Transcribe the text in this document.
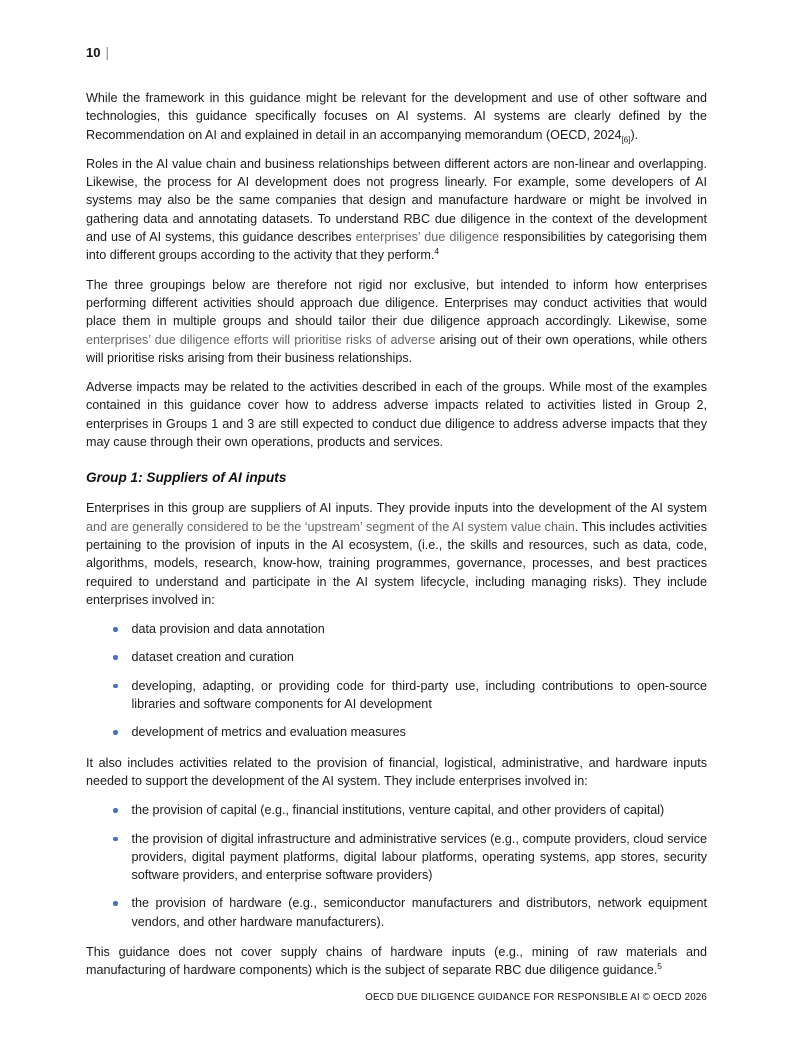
10 |

While the framework in this guidance might be relevant for the development and use of other software and technologies, this guidance specifically focuses on AI systems. AI systems are clearly defined by the Recommendation on AI and explained in detail in an accompanying memorandum (OECD, $2024_{[6]}$).

Roles in the AI value chain and business relationships between different actors are non-linear and overlapping. Likewise, the process for AI development does not progress linearly. For example, some developers of AI systems may also be the same companies that design and manufacture hardware or might be involved in gathering data and annotating datasets. To understand RBC due diligence in the context of the development and use of AI systems, this guidance describes enterprises’ due diligence responsibilities by categorising them into different groups according to the activity that they perform.$^4$

The three groupings below are therefore not rigid nor exclusive, but intended to inform how enterprises performing different activities should approach due diligence. Enterprises may conduct activities that would place them in multiple groups and should tailor their due diligence approach accordingly. Likewise, some enterprises’ due diligence efforts will prioritise risks of adverse arising out of their own operations, while others will prioritise risks arising from their business relationships.

Adverse impacts may be related to the activities described in each of the groups. While most of the examples contained in this guidance cover how to address adverse impacts related to activities listed in Group 2, enterprises in Groups 1 and 3 are still expected to conduct due diligence to address adverse impacts that they may cause through their own operations, products and services.

Group 1: Suppliers of AI inputs

Enterprises in this group are suppliers of AI inputs. They provide inputs into the development of the AI system and are generally considered to be the ‘upstream’ segment of the AI system value chain. This includes activities pertaining to the provision of inputs in the AI ecosystem, (i.e., the skills and resources, such as data, code, algorithms, models, research, know-how, training programmes, governance, processes, and best practices required to understand and participate in the AI system lifecycle, including managing risks). They include enterprises involved in:

data provision and data annotation
dataset creation and curation
developing, adapting, or providing code for third-party use, including contributions to open-source libraries and software components for AI development
development of metrics and evaluation measures

It also includes activities related to the provision of financial, logistical, administrative, and hardware inputs needed to support the development of the AI system. They include enterprises involved in:

the provision of capital (e.g., financial institutions, venture capital, and other providers of capital)
the provision of digital infrastructure and administrative services (e.g., compute providers, cloud service providers, digital payment platforms, digital labour platforms, operating systems, app stores, security software providers, and enterprise software providers)
the provision of hardware (e.g., semiconductor manufacturers and distributors, network equipment vendors, and other hardware manufacturers).

This guidance does not cover supply chains of hardware inputs (e.g., mining of raw materials and manufacturing of hardware components) which is the subject of separate RBC due diligence guidance.$^5$

OECD DUE DILIGENCE GUIDANCE FOR RESPONSIBLE AI © OECD 2026
